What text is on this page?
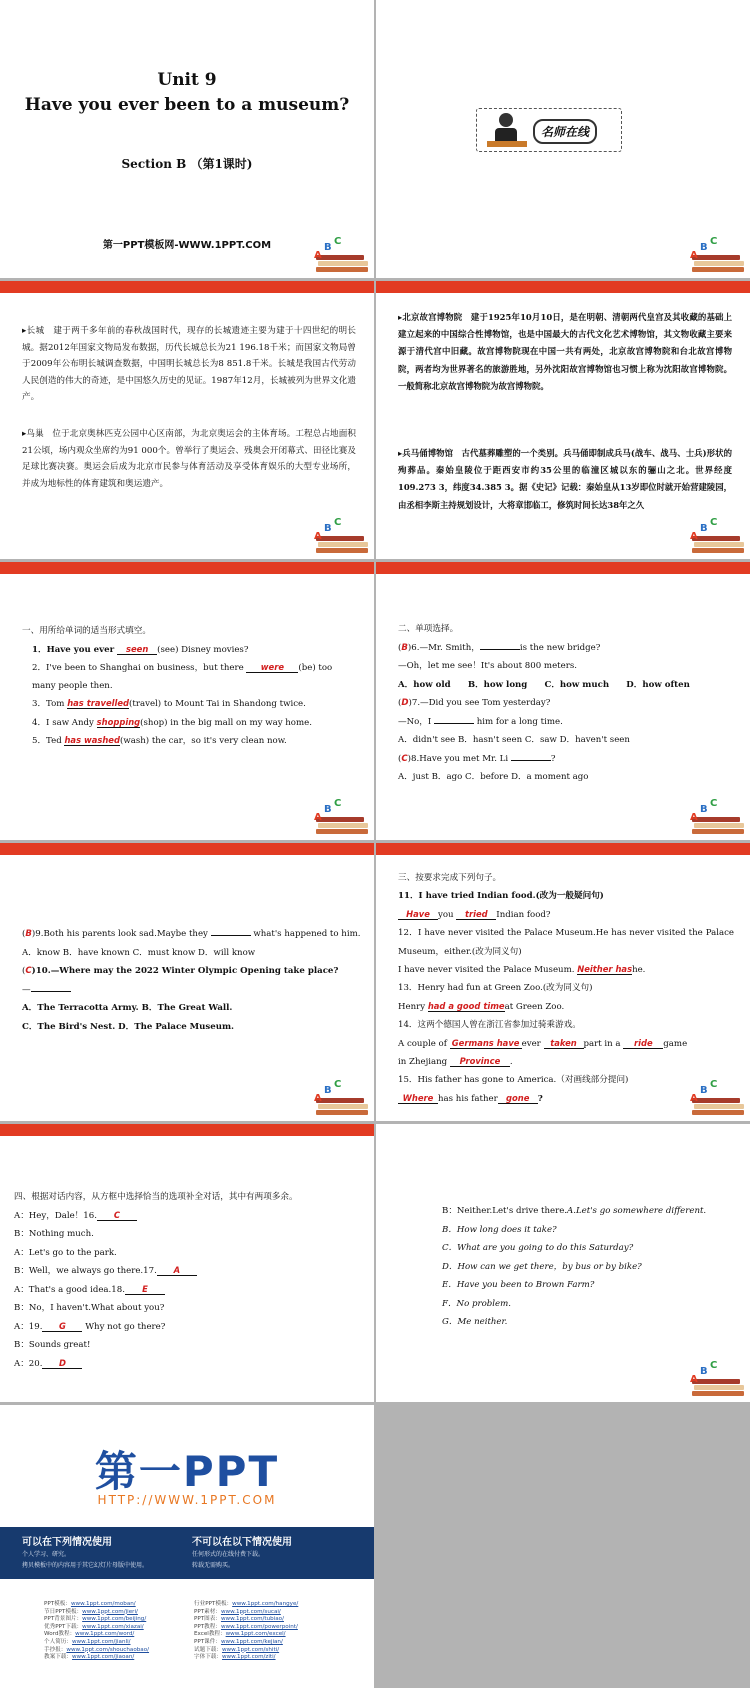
Unit 9
Have you ever been to a museum?
Section B （第1课时)
第一PPT模板网-WWW.1PPT.COM
A
B
C
名师在线
A
B
C
▸长城　建于两千多年前的春秋战国时代，现存的长城遗迹主要为建于十四世纪的明长城。据2012年国家文物局发布数据，历代长城总长为21 196.18千米；而国家文物局曾于2009年公布明长城调查数据，中国明长城总长为8 851.8千米。长城是我国古代劳动人民创造的伟大的奇迹，是中国悠久历史的见证。1987年12月，长城被列为世界文化遗产。
▸鸟巢　位于北京奥林匹克公园中心区南部，为北京奥运会的主体育场。工程总占地面积21公顷，场内观众坐席约为91 000个。曾举行了奥运会、残奥会开闭幕式、田径比赛及足球比赛决赛。奥运会后成为北京市民参与体育活动及享受体育娱乐的大型专业场所，并成为地标性的体育建筑和奥运遗产。
A
B
C
▸北京故宫博物院　建于1925年10月10日，是在明朝、清朝两代皇宫及其收藏的基础上建立起来的中国综合性博物馆，也是中国最大的古代文化艺术博物馆，其文物收藏主要来源于清代宫中旧藏。故宫博物院现在中国一共有两处，北京故宫博物院和台北故宫博物院，两者均为世界著名的旅游胜地，另外沈阳故宫博物馆也习惯上称为沈阳故宫博物院。一般简称北京故宫博物院为故宫博物院。
▸兵马俑博物馆　古代墓葬雕塑的一个类别。兵马俑即制成兵马(战车、战马、士兵)形状的殉葬品。秦始皇陵位于距西安市约35公里的临潼区城以东的骊山之北。世界经度109.273 3，纬度34.385 3。据《史记》记载：秦始皇从13岁即位时就开始营建陵园，由丞相李斯主持规划设计，大将章邯临工，修筑时间长达38年之久
A
B
C
一、用所给单词的适当形式填空。
1．Have you ever seen (see) Disney movies?
2．I've been to Shanghai on business，but there were (be) too many people then.
3．Tom has travelled(travel) to Mount Tai in Shandong twice.
4．I saw Andy shopping(shop) in the big mall on my way home.
5．Ted has washed(wash) the car，so it's very clean now.
A
B
C
二、单项选择。
(B)6.—Mr. Smith，	is the new bridge?
—Oh，let me see！It's about 800 meters.
A．how old　　B．how long　　C．how much　　D．how often
(D)7.—Did you see Tom yesterday?
—No，I	him for a long time.
A．didn't see B．hasn't seen C．saw D．haven't seen
(C)8.Have you met Mr. Li	?
A．just B．ago C．before D．a moment ago
A
B
C
(B)9.Both his parents look sad.Maybe they	what's happened to him.
A．know B．have known C．must know D．will know
(C)10.—Where may the 2022 Winter Olympic Opening take place?
—
A．The Terracotta Army. B．The Great Wall.
C．The Bird's Nest. D．The Palace Museum.
A
B
C
三、按要求完成下列句子。
11．I have tried Indian food.(改为一般疑问句)
Have you tried Indian food?
12．I have never visited the Palace Museum.He has never visited the Palace Museum，either.(改为同义句)
I have never visited the Palace Museum. Neither hashe.
13．Henry had fun at Green Zoo.(改为同义句)
Henry had a good timeat Green Zoo.
14．这两个德国人曾在浙江省参加过骑乘游戏。
A couple of Germans have ever taken part in a ride game
in Zhejiang Province .
15．His father has gone to America.（对画线部分提问)
Where has his father gone ?	A
B
C
四、根据对话内容，从方框中选择恰当的选项补全对话，其中有两项多余。
A：Hey，Dale！16. C
B：Nothing much.
A：Let's go to the park.
B：Well，we always go there.17. A
A：That's a good idea.18. E
B：No，I haven't.What about you?
A：19. G Why not go there?
B：Sounds great!
A：20. D
B：Neither.Let's drive there.A.Let's go somewhere different.
B．How long does it take?
C．What are you going to do this Saturday?
D．How can we get there，by bus or by bike?
E．Have you been to Brown Farm?
F．No problem.
G．Me neither.
A
B
C
第一PPT
HTTP://WWW.1PPT.COM
可以在下列情况使用
个人学习、研究。
拷贝模板中的内容用于其它幻灯片母版中使用。
不可以在以下情况使用
任何形式的在线付费下载。
转载无需购买。
PPT模板：www.1ppt.com/moban/
节日PPT模板：www.1ppt.com/jieri/
PPT背景图片：www.1ppt.com/beijing/
优秀PPT下载：www.1ppt.com/xiazai/
Word教程：www.1ppt.com/word/
个人简历：www.1ppt.com/jianli/
手抄报：www.1ppt.com/shouchaobao/
教案下载：www.1ppt.com/jiaoan/
行业PPT模板：www.1ppt.com/hangye/
PPT素材：www.1ppt.com/sucai/
PPT图表：www.1ppt.com/tubiao/
PPT教程：www.1ppt.com/powerpoint/
Excel教程：www.1ppt.com/excel/
PPT课件：www.1ppt.com/kejian/
试题下载：www.1ppt.com/shiti/
字体下载：www.1ppt.com/ziti/
